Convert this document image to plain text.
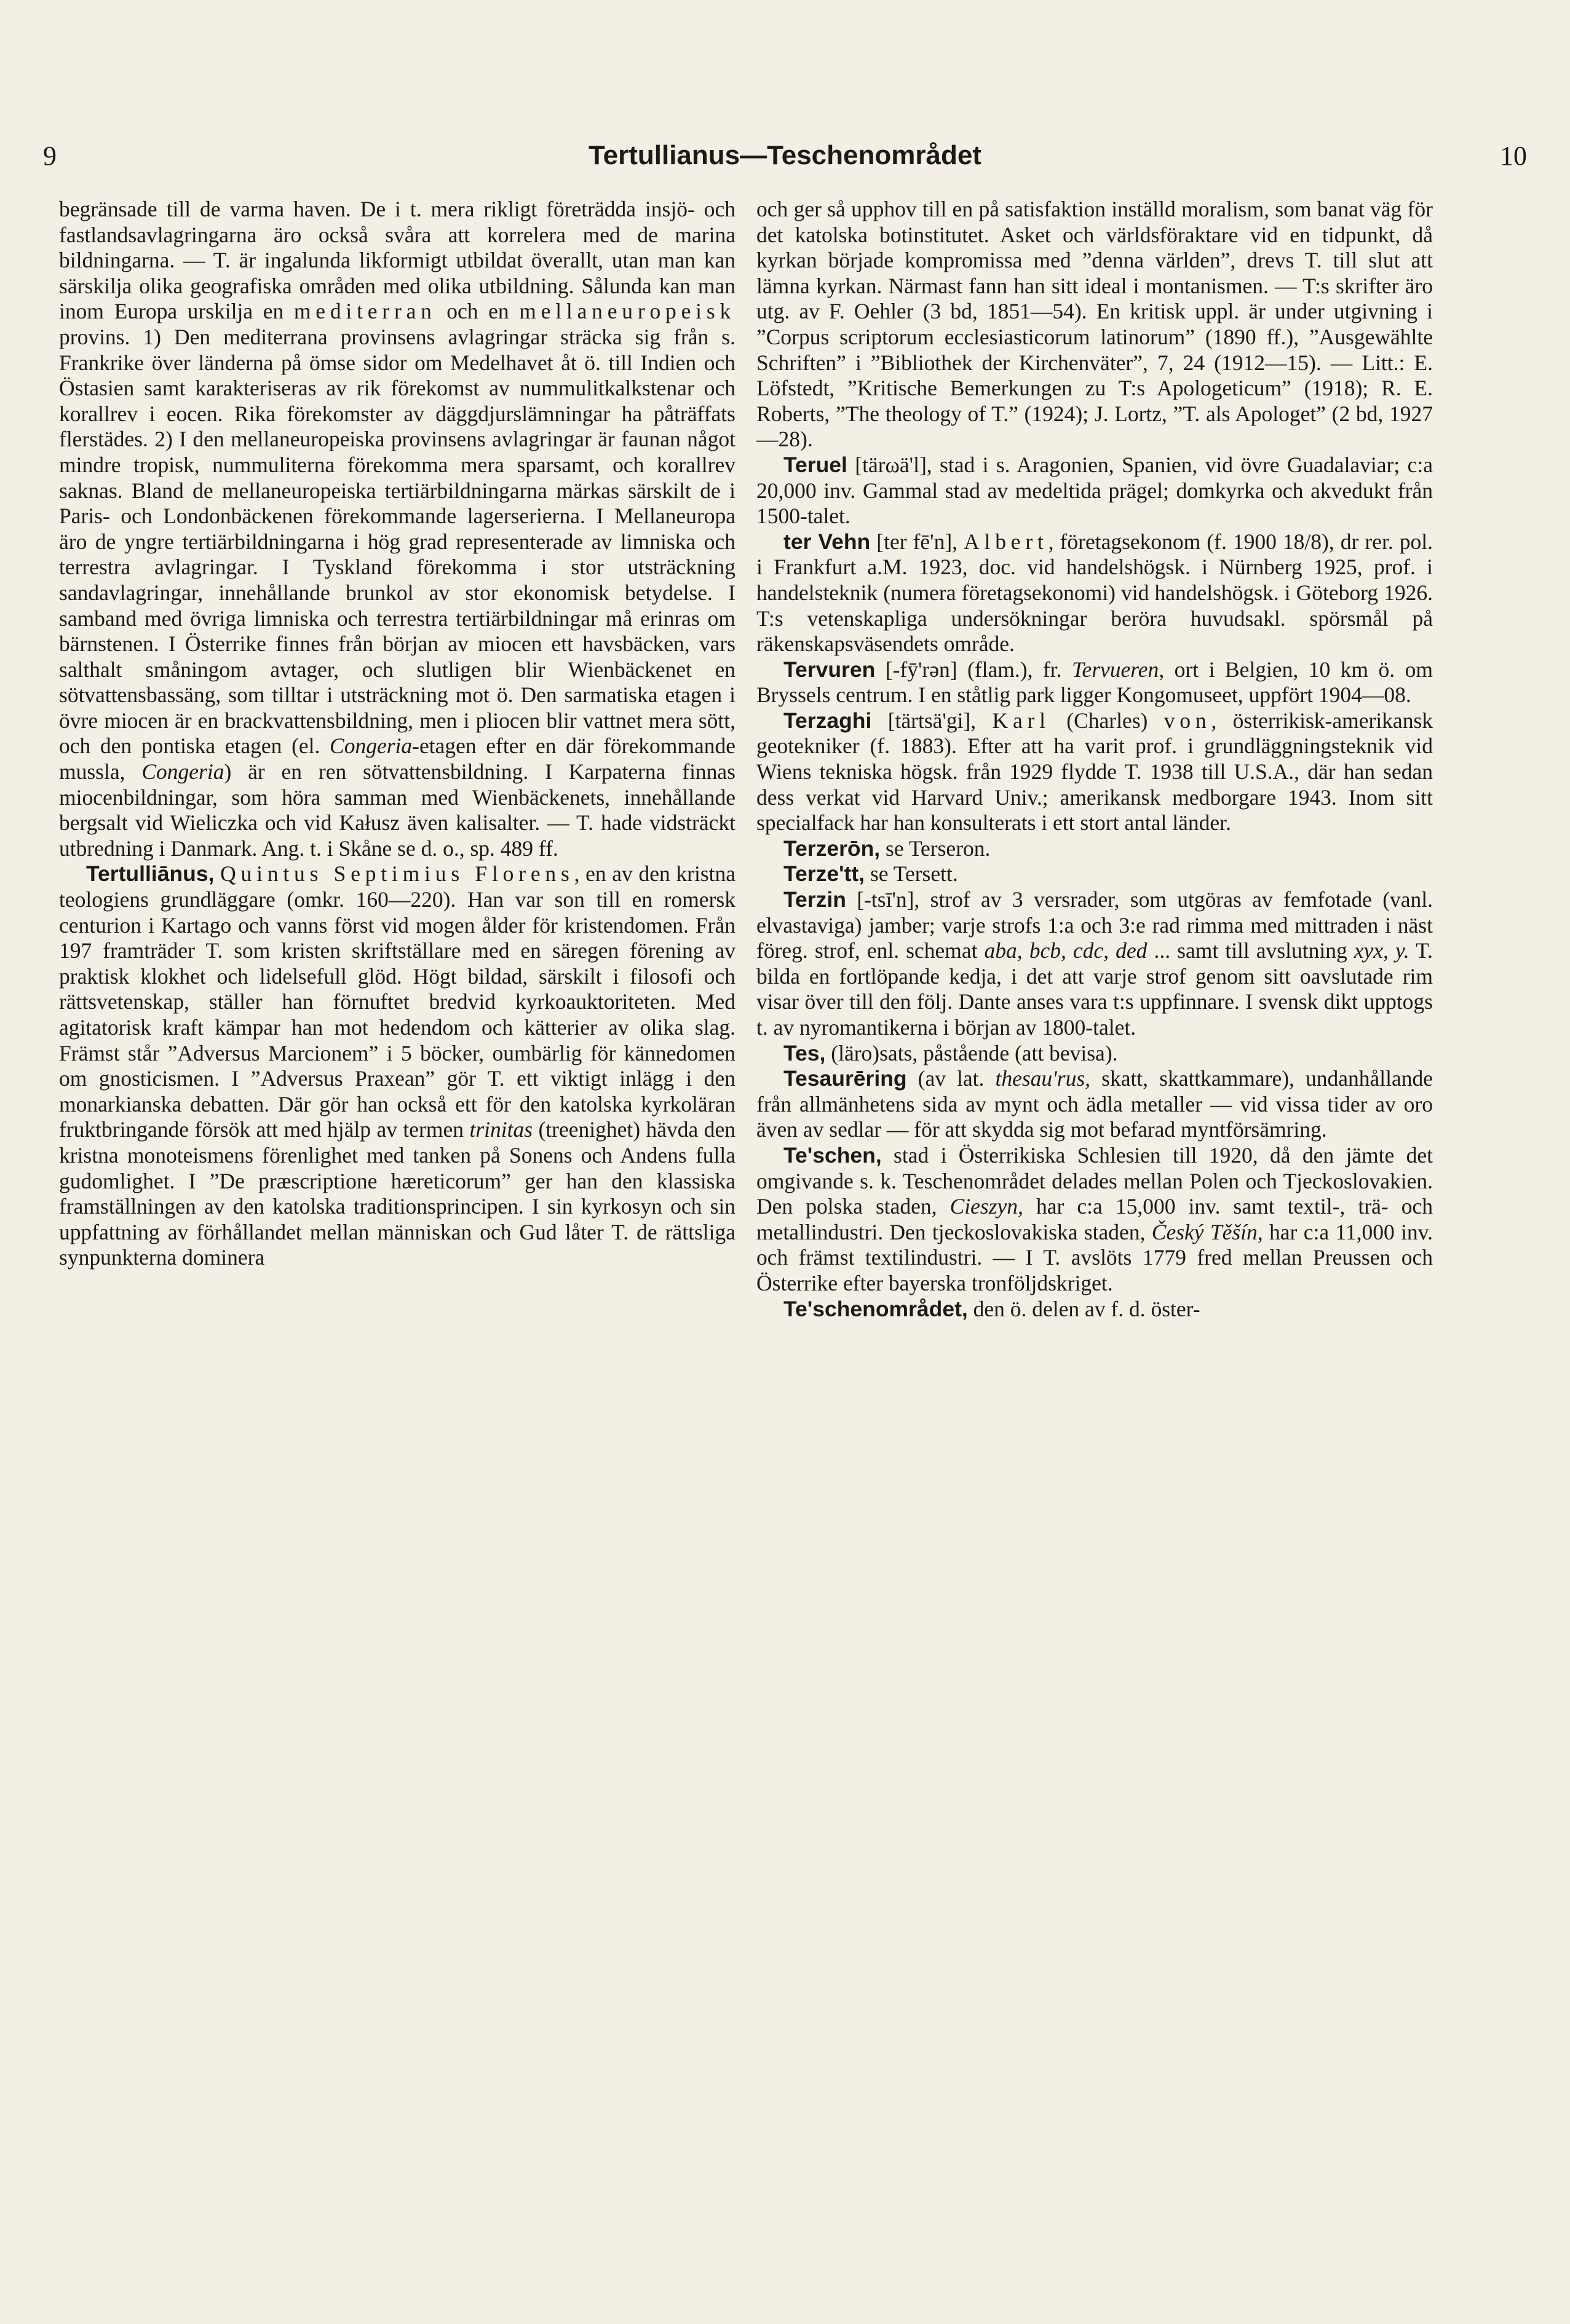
9	Tertullianus—Teschenområdet	10

begränsade till de varma haven. De i t. mera rikligt företrädda insjö- och fastlandsavlagringarna äro också svåra att korrelera med de marina bildningarna. — T. är ingalunda likformigt utbildat överallt, utan man kan särskilja olika geografiska områden med olika utbildning. Sålunda kan man inom Europa urskilja en mediterran och en mellaneuropeisk provins. 1) Den mediterrana provinsens avlagringar sträcka sig från s. Frankrike över länderna på ömse sidor om Medelhavet åt ö. till Indien och Östasien samt karakteriseras av rik förekomst av nummulitkalkstenar och korallrev i eocen. Rika förekomster av däggdjurslämningar ha påträffats flerstädes. 2) I den mellaneuropeiska provinsens avlagringar är faunan något mindre tropisk, nummuliterna förekomma mera sparsamt, och korallrev saknas. Bland de mellaneuropeiska tertiärbildningarna märkas särskilt de i Paris- och Londonbäckenen förekommande lagerserierna. I Mellaneuropa äro de yngre tertiärbildningarna i hög grad representerade av limniska och terrestra avlagringar. I Tyskland förekomma i stor utsträckning sandavlagringar, innehållande brunkol av stor ekonomisk betydelse. I samband med övriga limniska och terrestra tertiärbildningar må erinras om bärnstenen. I Österrike finnes från början av miocen ett havsbäcken, vars salthalt småningom avtager, och slutligen blir Wienbäckenet en sötvattensbassäng, som tilltar i utsträckning mot ö. Den sarmatiska etagen i övre miocen är en brackvattensbildning, men i pliocen blir vattnet mera sött, och den pontiska etagen (el. Congeria-etagen efter en där förekommande mussla, Congeria) är en ren sötvattensbildning. I Karpaterna finnas miocenbildningar, som höra samman med Wienbäckenets, innehållande bergsalt vid Wieliczka och vid Kałusz även kalisalter. — T. hade vidsträckt utbredning i Danmark. Ang. t. i Skåne se d. o., sp. 489 ff.

Tertulliānus, Quintus Septimius Florens, en av den kristna teologiens grundläggare (omkr. 160—220). Han var son till en romersk centurion i Kartago och vanns först vid mogen ålder för kristendomen. Från 197 framträder T. som kristen skriftställare med en säregen förening av praktisk klokhet och lidelsefull glöd. Högt bildad, särskilt i filosofi och rättsvetenskap, ställer han förnuftet bredvid kyrkoauktoriteten. Med agitatorisk kraft kämpar han mot hedendom och kätterier av olika slag. Främst står ”Adversus Marcionem” i 5 böcker, oumbärlig för kännedomen om gnosticismen. I ”Adversus Praxean” gör T. ett viktigt inlägg i den monarkianska debatten. Där gör han också ett för den katolska kyrkoläran fruktbringande försök att med hjälp av termen trinitas (treenighet) hävda den kristna monoteismens förenlighet med tanken på Sonens och Andens fulla gudomlighet. I ”De præscriptione hæreticorum” ger han den klassiska framställningen av den katolska traditionsprincipen. I sin kyrkosyn och sin uppfattning av förhållandet mellan människan och Gud låter T. de rättsliga synpunkterna dominera

och ger så upphov till en på satisfaktion inställd moralism, som banat väg för det katolska botinstitutet. Asket och världsföraktare vid en tidpunkt, då kyrkan började kompromissa med ”denna världen”, drevs T. till slut att lämna kyrkan. Närmast fann han sitt ideal i montanismen. — T:s skrifter äro utg. av F. Oehler (3 bd, 1851—54). En kritisk uppl. är under utgivning i ”Corpus scriptorum ecclesiasticorum latinorum” (1890 ff.), ”Ausgewählte Schriften” i ”Bibliothek der Kirchenväter”, 7, 24 (1912—15). — Litt.: E. Löfstedt, ”Kritische Bemerkungen zu T:s Apologeticum” (1918); R. E. Roberts, ”The theology of T.” (1924); J. Lortz, ”T. als Apologet” (2 bd, 1927—28).

Teruel [tärωä'l], stad i s. Aragonien, Spanien, vid övre Guadalaviar; c:a 20,000 inv. Gammal stad av medeltida prägel; domkyrka och akvedukt från 1500-talet.

ter Vehn [ter fē'n], Albert, företagsekonom (f. 1900 18/8), dr rer. pol. i Frankfurt a.M. 1923, doc. vid handelshögsk. i Nürnberg 1925, prof. i handelsteknik (numera företagsekonomi) vid handelshögsk. i Göteborg 1926. T:s vetenskapliga undersökningar beröra huvudsakl. spörsmål på räkenskapsväsendets område.

Tervuren [-fȳ'rən] (flam.), fr. Tervueren, ort i Belgien, 10 km ö. om Bryssels centrum. I en ståtlig park ligger Kongomuseet, uppfört 1904—08.

Terzaghi [tärtsä'gi], Karl (Charles) von, österrikisk-amerikansk geotekniker (f. 1883). Efter att ha varit prof. i grundläggningsteknik vid Wiens tekniska högsk. från 1929 flydde T. 1938 till U.S.A., där han sedan dess verkat vid Harvard Univ.; amerikansk medborgare 1943. Inom sitt specialfack har han konsulterats i ett stort antal länder.

Terzerōn, se Terseron.

Terze'tt, se Tersett.

Terzin [-tsī'n], strof av 3 versrader, som utgöras av femfotade (vanl. elvastaviga) jamber; varje strofs 1:a och 3:e rad rimma med mittraden i näst föreg. strof, enl. schemat aba, bcb, cdc, ded ... samt till avslutning xyx, y. T. bilda en fortlöpande kedja, i det att varje strof genom sitt oavslutade rim visar över till den följ. Dante anses vara t:s uppfinnare. I svensk dikt upptogs t. av nyromantikerna i början av 1800-talet.

Tes, (läro)sats, påstående (att bevisa).

Tesaurēring (av lat. thesau'rus, skatt, skattkammare), undanhållande från allmänhetens sida av mynt och ädla metaller — vid vissa tider av oro även av sedlar — för att skydda sig mot befarad myntförsämring.

Te'schen, stad i Österrikiska Schlesien till 1920, då den jämte det omgivande s. k. Teschenområdet delades mellan Polen och Tjeckoslovakien. Den polska staden, Cieszyn, har c:a 15,000 inv. samt textil-, trä- och metallindustri. Den tjeckoslovakiska staden, Český Těšín, har c:a 11,000 inv. och främst textilindustri. — I T. avslöts 1779 fred mellan Preussen och Österrike efter bayerska tronföljdskriget.

Te'schenområdet, den ö. delen av f. d. öster-
